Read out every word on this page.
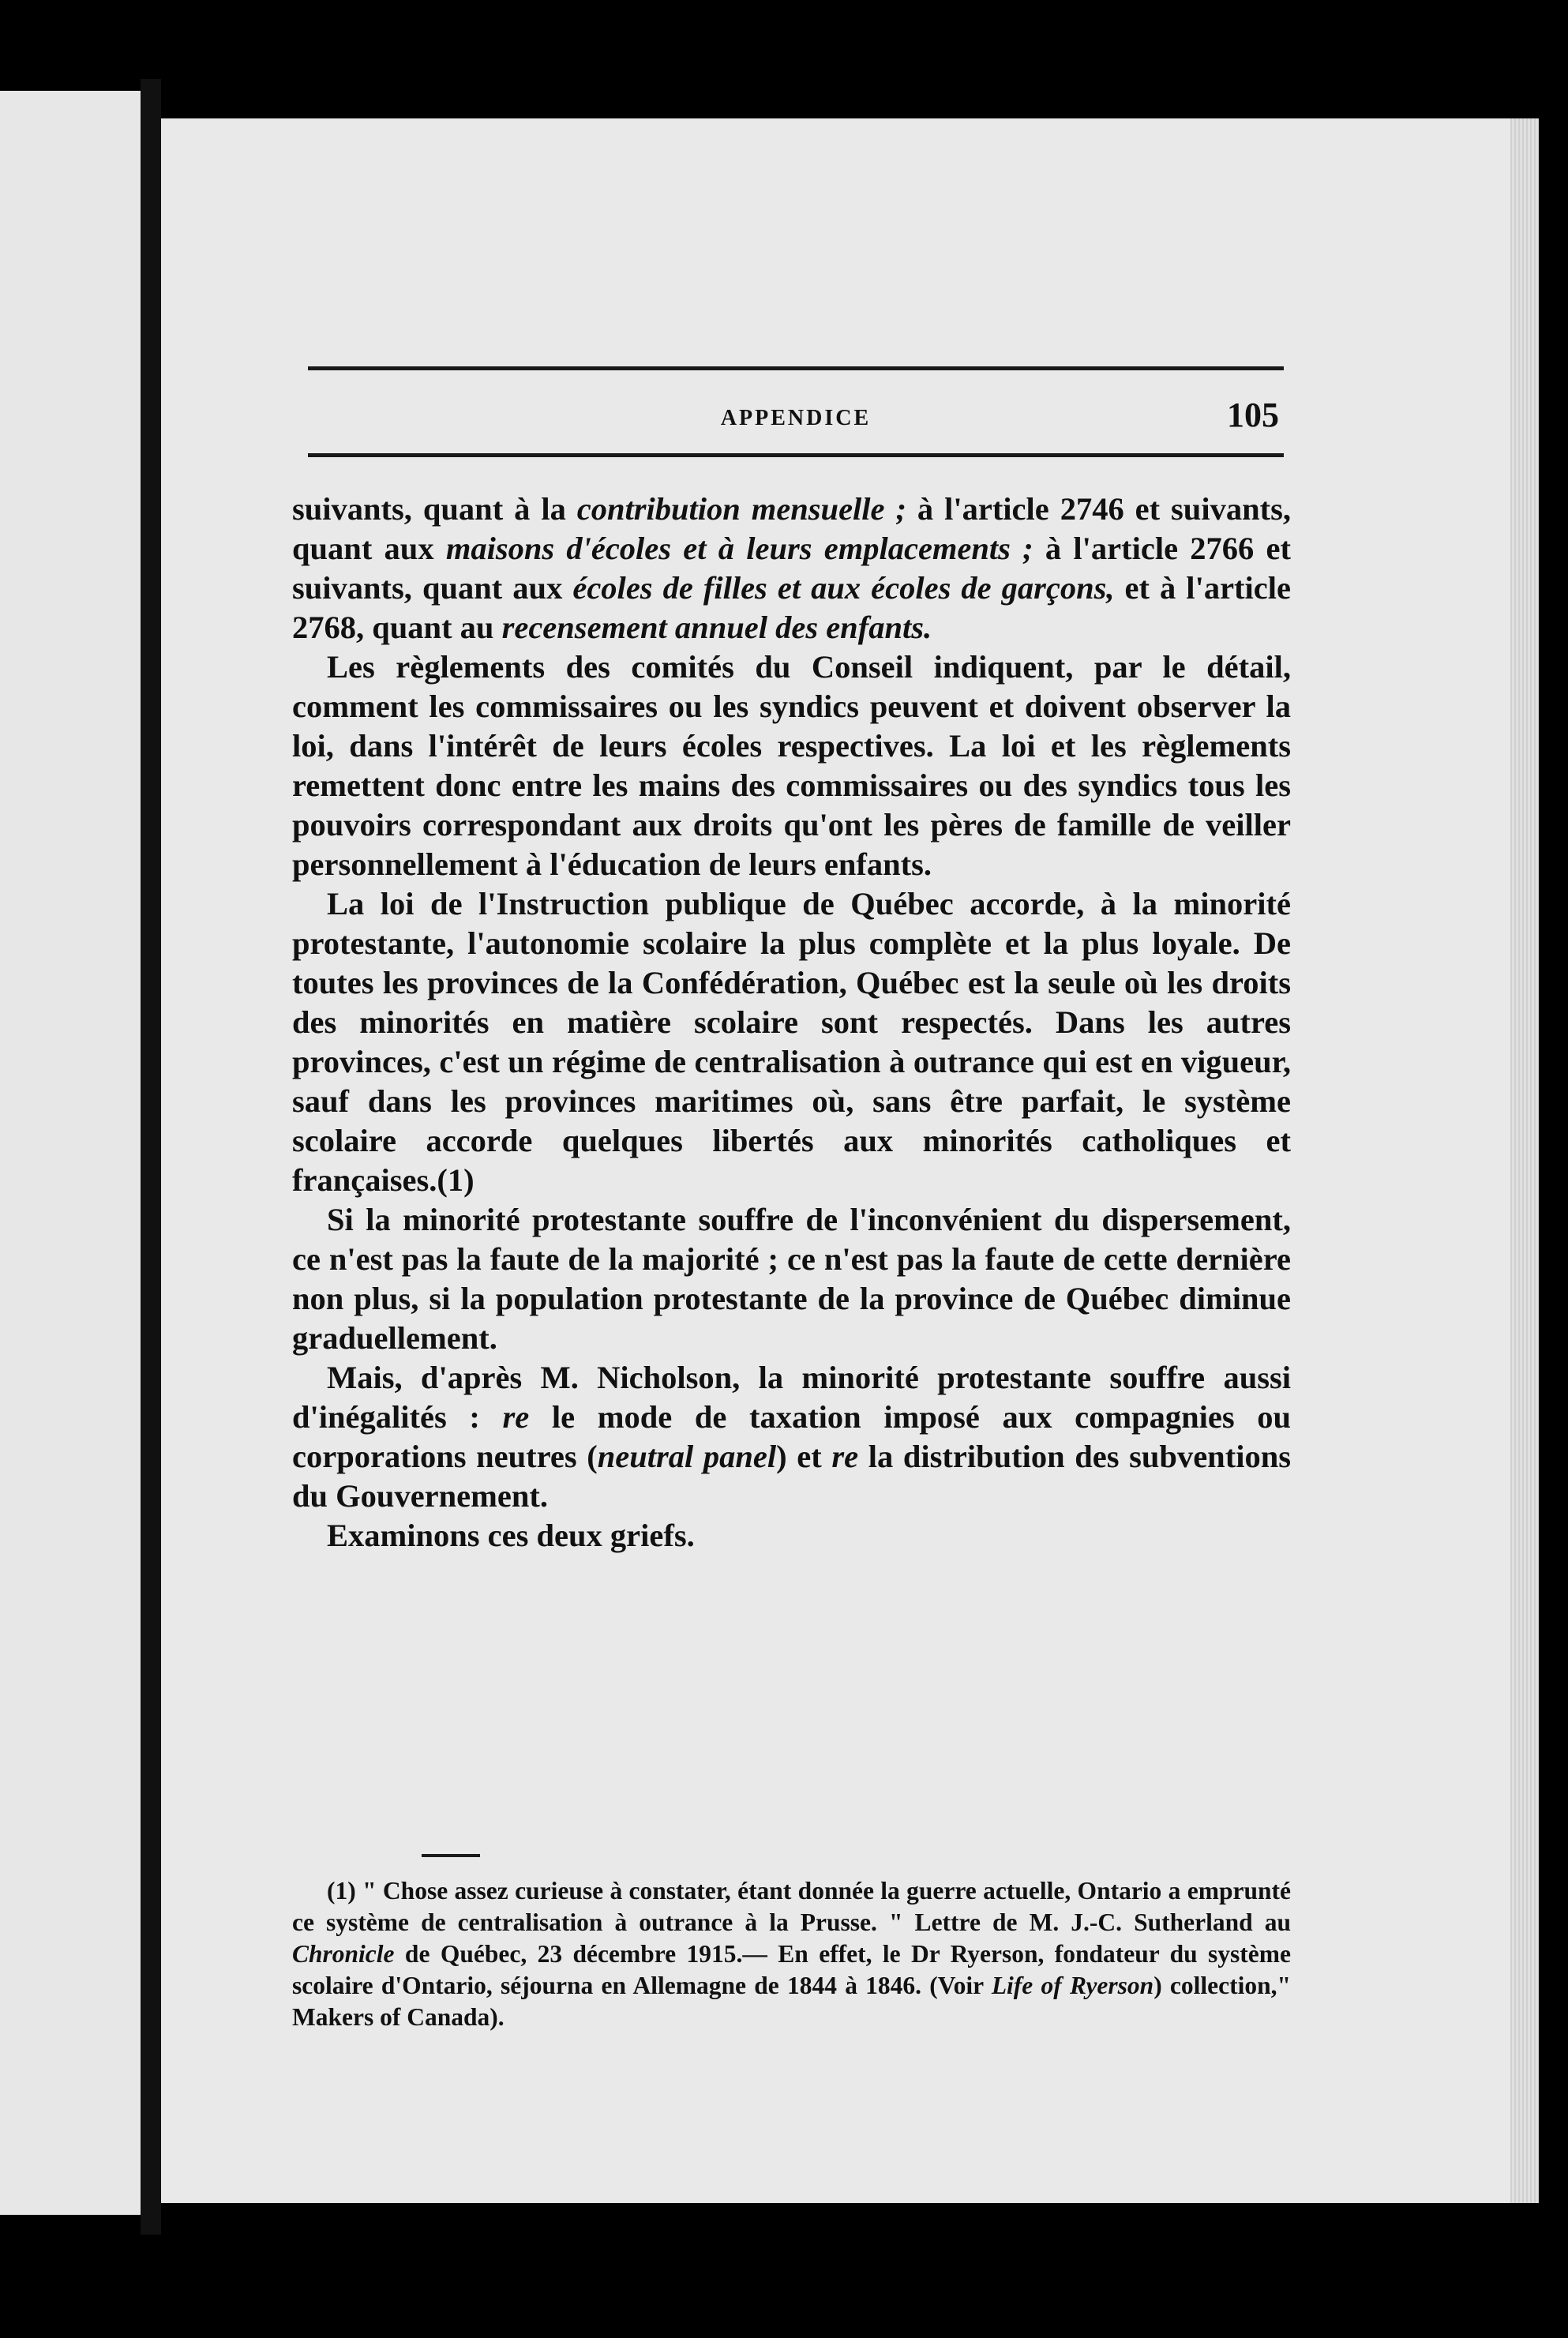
APPENDICE	105

suivants, quant à la contribution mensuelle ; à l'article 2746 et suivants, quant aux maisons d'écoles et à leurs emplacements ; à l'article 2766 et suivants, quant aux écoles de filles et aux écoles de garçons, et à l'article 2768, quant au recensement annuel des enfants.

Les règlements des comités du Conseil indiquent, par le détail, comment les commissaires ou les syndics peuvent et doivent observer la loi, dans l'intérêt de leurs écoles respectives. La loi et les règlements remettent donc entre les mains des commissaires ou des syndics tous les pouvoirs correspondant aux droits qu'ont les pères de famille de veiller personnellement à l'éducation de leurs enfants.

La loi de l'Instruction publique de Québec accorde, à la minorité protestante, l'autonomie scolaire la plus complète et la plus loyale. De toutes les provinces de la Confédération, Québec est la seule où les droits des minorités en matière scolaire sont respectés. Dans les autres provinces, c'est un régime de centralisation à outrance qui est en vigueur, sauf dans les provinces maritimes où, sans être parfait, le système scolaire accorde quelques libertés aux minorités catholiques et françaises.(1)

Si la minorité protestante souffre de l'inconvénient du dispersement, ce n'est pas la faute de la majorité ; ce n'est pas la faute de cette dernière non plus, si la population protestante de la province de Québec diminue graduellement.

Mais, d'après M. Nicholson, la minorité protestante souffre aussi d'inégalités : re le mode de taxation imposé aux compagnies ou corporations neutres (neutral panel) et re la distribution des subventions du Gouvernement.

Examinons ces deux griefs.

(1) " Chose assez curieuse à constater, étant donnée la guerre actuelle, Ontario a emprunté ce système de centralisation à outrance à la Prusse. " Lettre de M. J.-C. Sutherland au Chronicle de Québec, 23 décembre 1915.— En effet, le Dr Ryerson, fondateur du système scolaire d'Ontario, séjourna en Allemagne de 1844 à 1846. (Voir Life of Ryerson) collection," Makers of Canada).
